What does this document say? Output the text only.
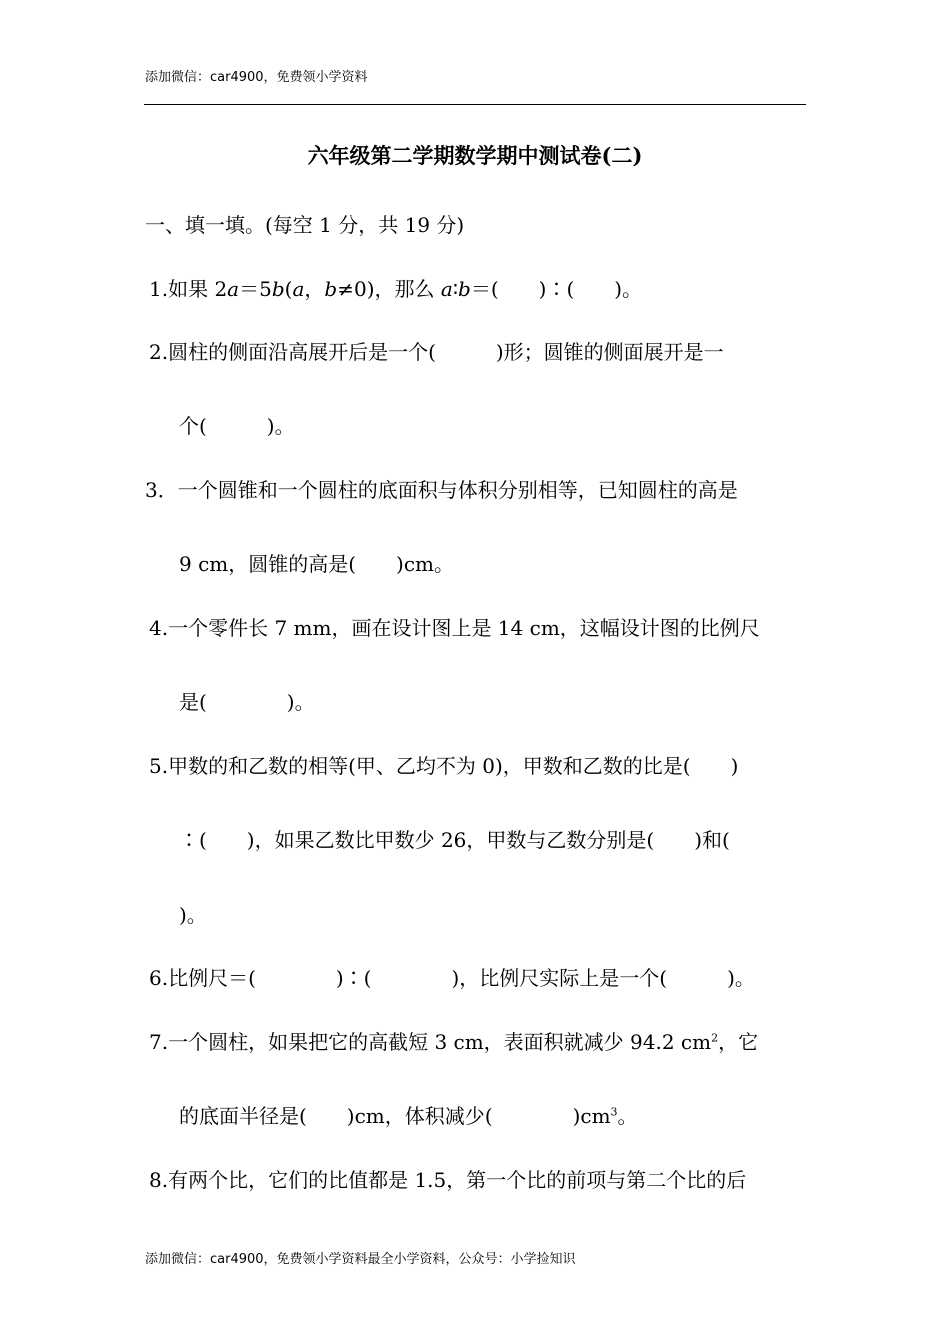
添加微信：car4900，免费领小学资料
六年级第二学期数学期中测试卷(二)
一、填一填。(每空 1 分，共 19 分)
1.如果 2a＝5b(a，b≠0)，那么 a∶b＝(　　)∶(　　)。
2.圆柱的侧面沿高展开后是一个(　　　)形；圆锥的侧面展开是一
个(　　　)。
3．一个圆锥和一个圆柱的底面积与体积分别相等，已知圆柱的高是
9 cm，圆锥的高是(　　)cm。
4.一个零件长 7 mm，画在设计图上是 14 cm，这幅设计图的比例尺
是(　　　　)。
5.甲数的和乙数的相等(甲、乙均不为 0)，甲数和乙数的比是(　　)
∶(　　)，如果乙数比甲数少 26，甲数与乙数分别是(　　)和(
)。
6.比例尺＝(　　　　)∶(　　　　)，比例尺实际上是一个(　　　)。
7.一个圆柱，如果把它的高截短 3 cm，表面积就减少 94.2 $cm^2$，它
的底面半径是(　　)cm，体积减少(　　　　)$cm^3$。
8.有两个比，它们的比值都是 1.5，第一个比的前项与第二个比的后
添加微信：car4900，免费领小学资料最全小学资料，公众号：小学捡知识
